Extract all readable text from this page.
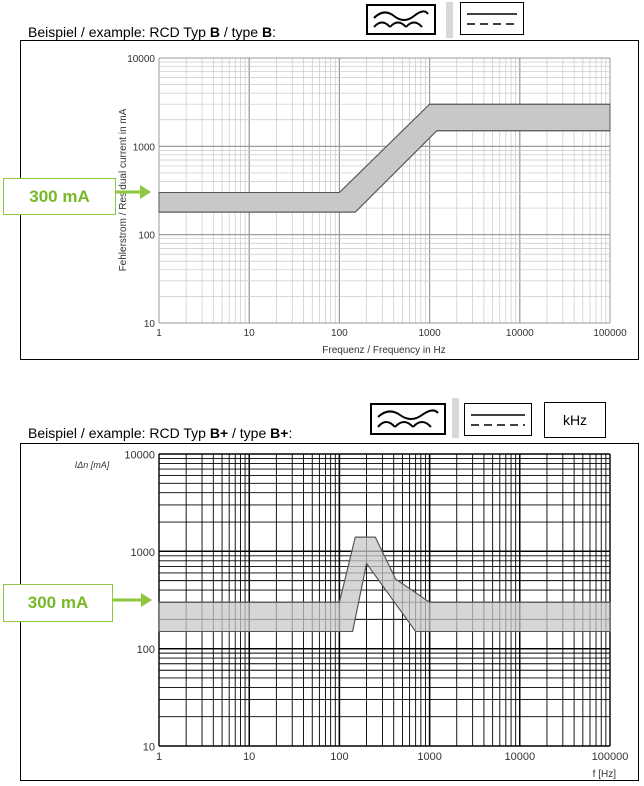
Beispiel / example: RCD Typ B / type B:
1	10	100	1000	10000	100000
10
100
1000
10000
Frequenz / Frequency in Hz
Fehlerstrom / Residual current in mA
300 mA
kHz
Beispiel / example: RCD Typ B+ / type B+:
1	10	100	1000	10000	100000
10
100
1000
10000
IΔn [mA]
f [Hz]
300 mA
